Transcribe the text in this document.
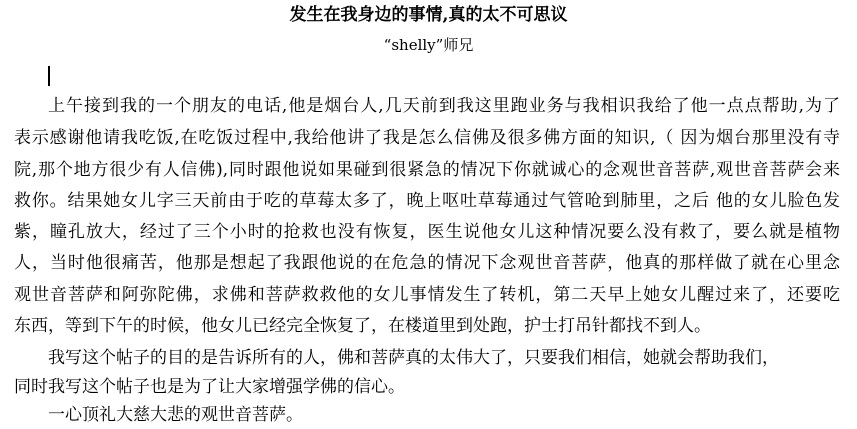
发生在我身边的事情,真的太不可思议
“shelly”师兄
上午接到我的一个朋友的电话,他是烟台人,几天前到我这里跑业务与我相识我给了他一点点帮助,为了
表示感谢他请我吃饭,在吃饭过程中,我给他讲了我是怎么信佛及很多佛方面的知识,（ 因为烟台那里没有寺
院,那个地方很少有人信佛),同时跟他说如果碰到很紧急的情况下你就诚心的念观世音菩萨,观世音菩萨会来
救你。结果她女儿字三天前由于吃的草莓太多了，晚上呕吐草莓通过气管呛到肺里，之后 他的女儿脸色发
紫，瞳孔放大，经过了三个小时的抢救也没有恢复，医生说他女儿这种情况要么没有救了，要么就是植物
人，当时他很痛苦，他那是想起了我跟他说的在危急的情况下念观世音菩萨，他真的那样做了就在心里念
观世音菩萨和阿弥陀佛，求佛和菩萨救救他的女儿事情发生了转机，第二天早上她女儿醒过来了，还要吃
东西，等到下午的时候，他女儿已经完全恢复了，在楼道里到处跑，护士打吊针都找不到人。
我写这个帖子的目的是告诉所有的人，佛和菩萨真的太伟大了，只要我们相信，她就会帮助我们，
同时我写这个帖子也是为了让大家增强学佛的信心。
一心顶礼大慈大悲的观世音菩萨。
